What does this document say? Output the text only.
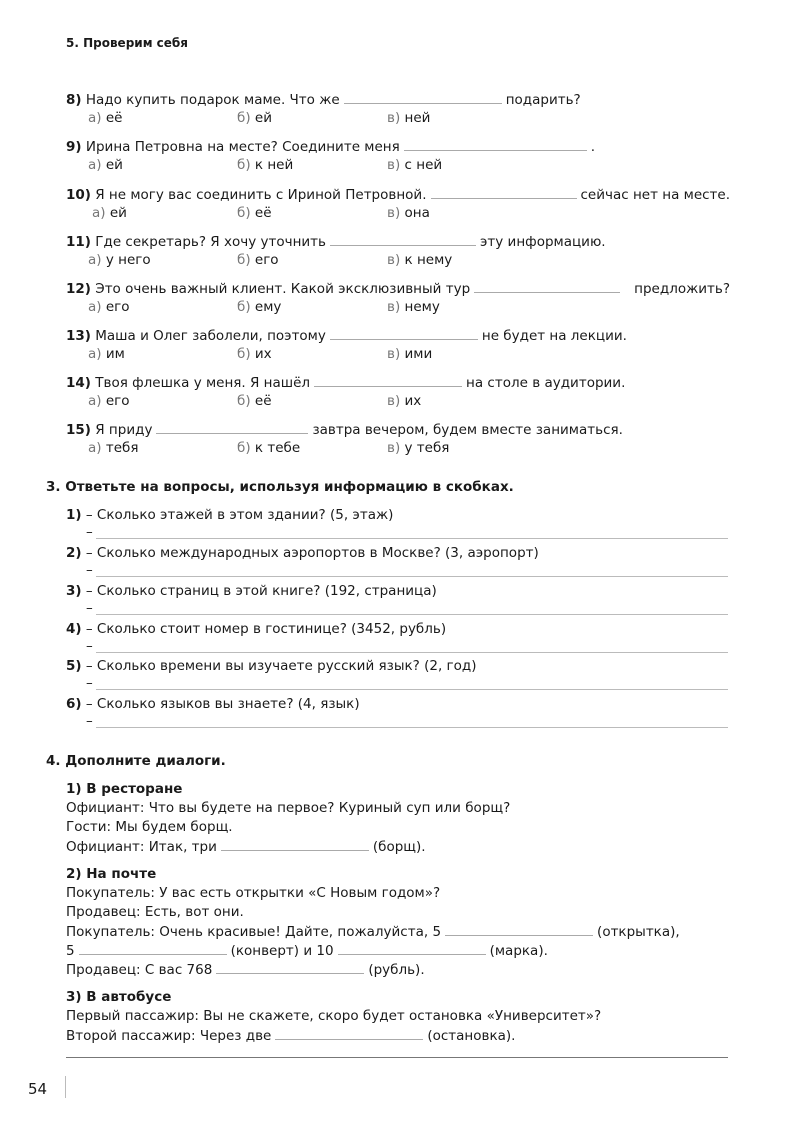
5. Проверим себя
8) Надо купить подарок маме. Что же	подарить?
а) её	б) ей	в) ней
9) Ирина Петровна на месте? Соедините меня	.
а) ей	б) к ней	в) с ней
10) Я не могу вас соединить с Ириной Петровной.	сейчас нет на месте.
а) ей	б) её	в) она
11) Где секретарь? Я хочу уточнить	эту информацию.
а) у него	б) его	в) к нему
12) Это очень важный клиент. Какой эксклюзивный тур	предложить?
а) его	б) ему	в) нему
13) Маша и Олег заболели, поэтому	не будет на лекции.
а) им	б) их	в) ими
14) Твоя флешка у меня. Я нашёл	на столе в аудитории.
а) его	б) её	в) их
15) Я приду	завтра вечером, будем вместе заниматься.
а) тебя	б) к тебе	в) у тебя
3. Ответьте на вопросы, используя информацию в скобках.
1) – Сколько этажей в этом здании? (5, этаж)
–
2) – Сколько международных аэропортов в Москве? (3, аэропорт)
–
3) – Сколько страниц в этой книге? (192, страница)
–
4) – Сколько стоит номер в гостинице? (3452, рубль)
–
5) – Сколько времени вы изучаете русский язык? (2, год)
–
6) – Сколько языков вы знаете? (4, язык)
–
4. Дополните диалоги.
1) В ресторане
Официант: Что вы будете на первое? Куриный суп или борщ?
Гости: Мы будем борщ.
Официант: Итак, три	(борщ).
2) На почте
Покупатель: У вас есть открытки «С Новым годом»?
Продавец: Есть, вот они.
Покупатель: Очень красивые! Дайте, пожалуйста, 5	(открытка),
5	(конверт) и 10	(марка).
Продавец: С вас 768	(рубль).
3) В автобусе
Первый пассажир: Вы не скажете, скоро будет остановка «Университет»?
Второй пассажир: Через две	(остановка).
54
